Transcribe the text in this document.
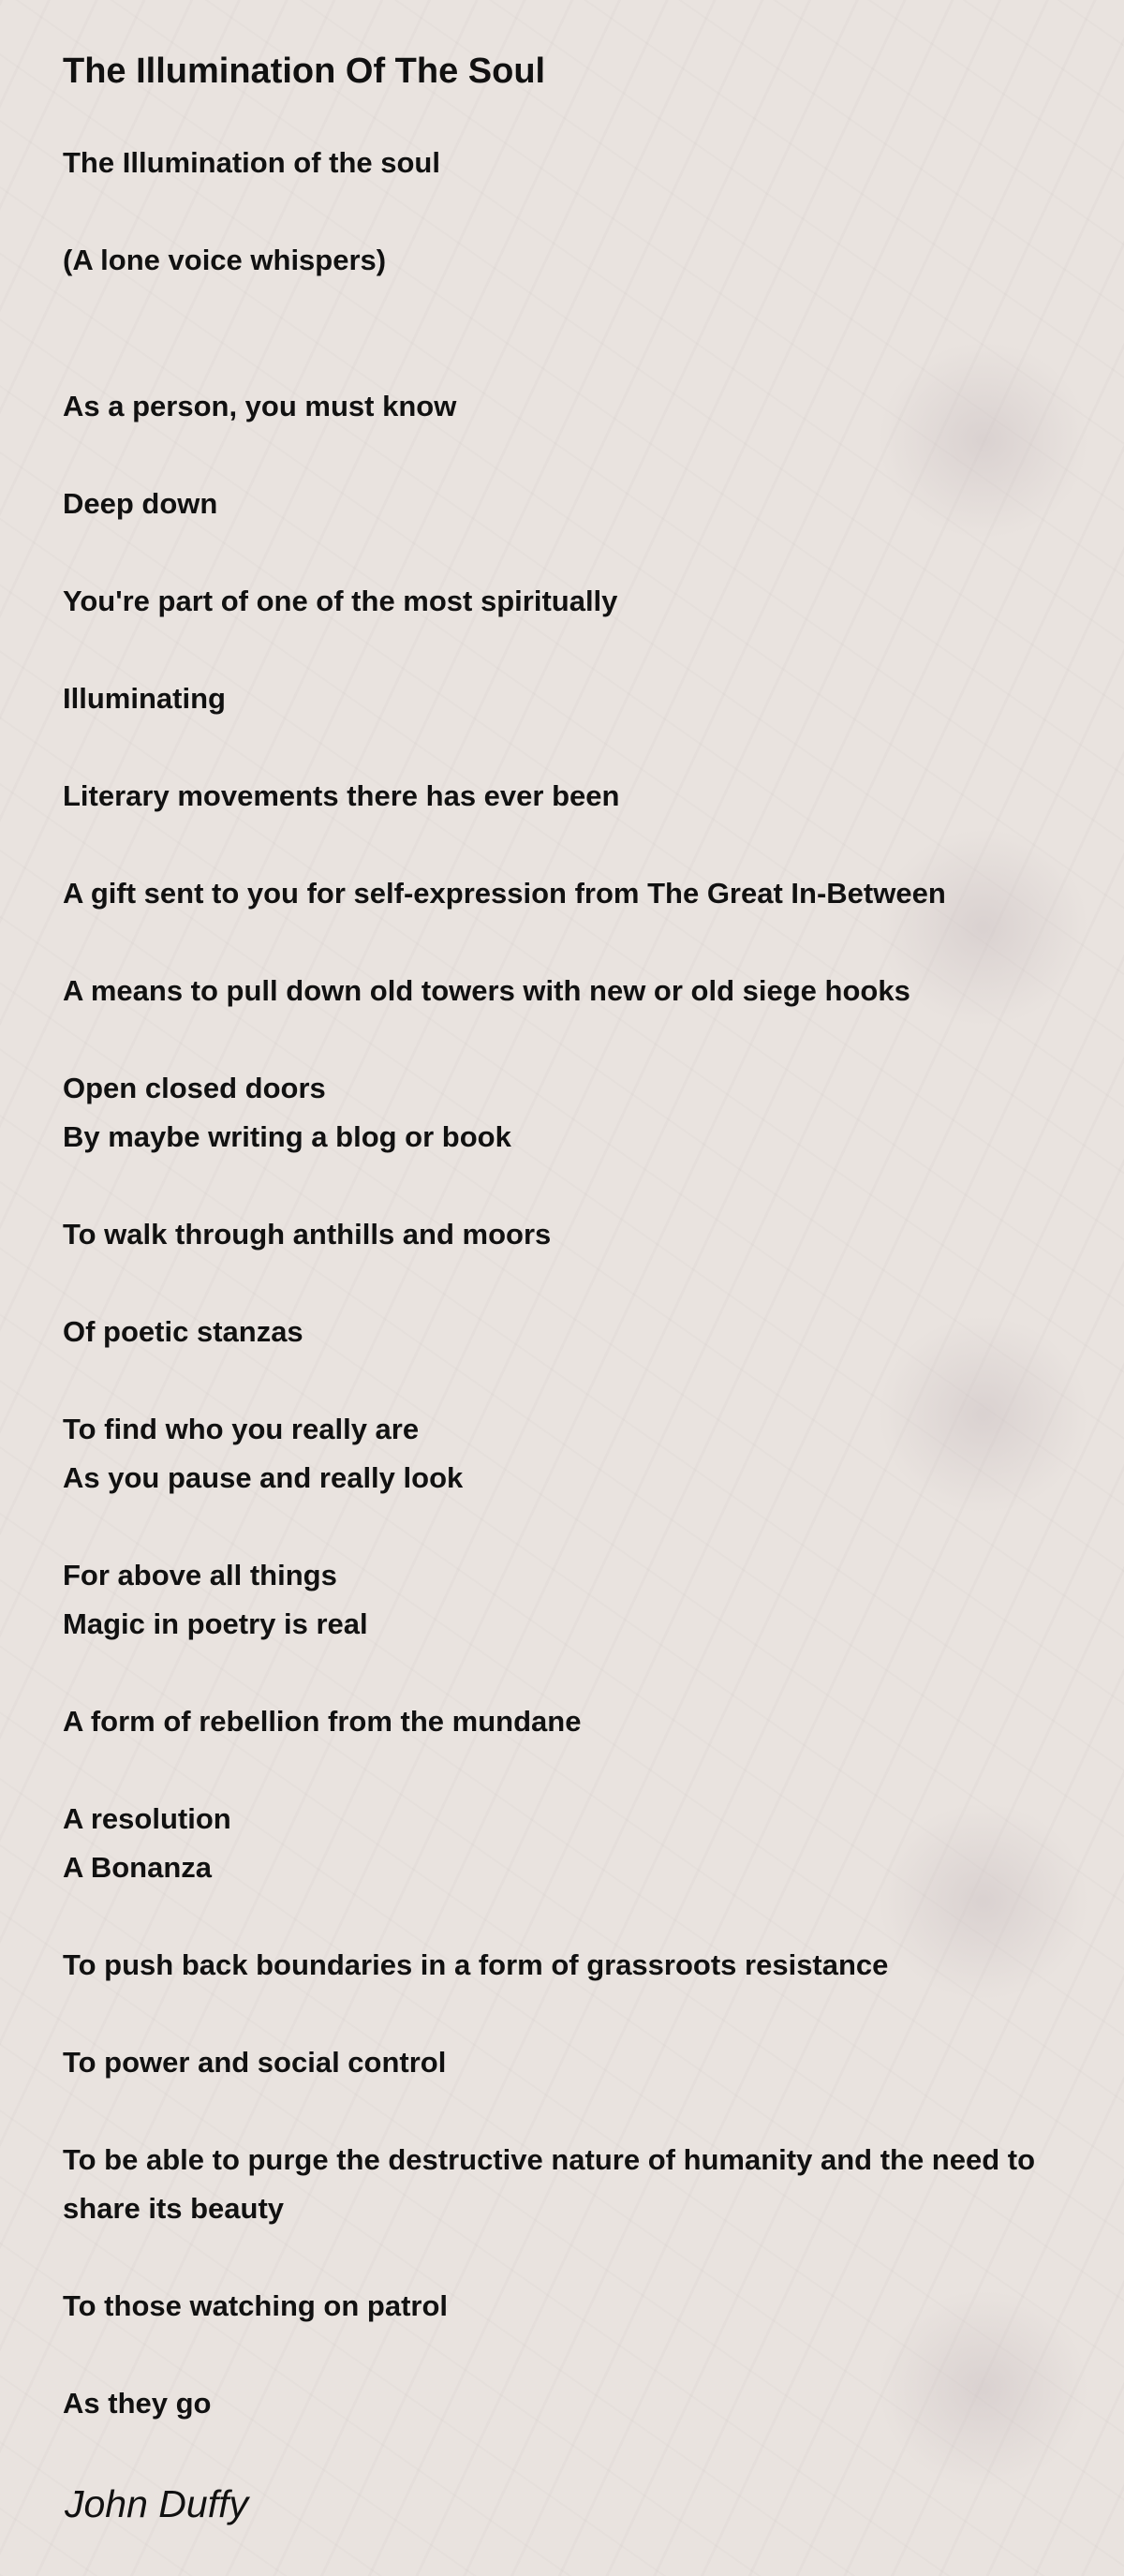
The Illumination Of The Soul

The Illumination of the soul

(A lone voice whispers)

As a person, you must know

Deep down

You're part of one of the most spiritually

Illuminating

Literary movements there has ever been

A gift sent to you for self-expression from The Great In-Between

A means to pull down old towers with new or old siege hooks

Open closed doors
By maybe writing a blog or book

To walk through anthills and moors

Of poetic stanzas

To find who you really are
As you pause and really look

For above all things
Magic in poetry is real

A form of rebellion from the mundane

A resolution
A Bonanza

To push back boundaries in a form of grassroots resistance

To power and social control

To be able to purge the destructive nature of humanity and the need to share its beauty

To those watching on patrol

As they go

John Duffy
